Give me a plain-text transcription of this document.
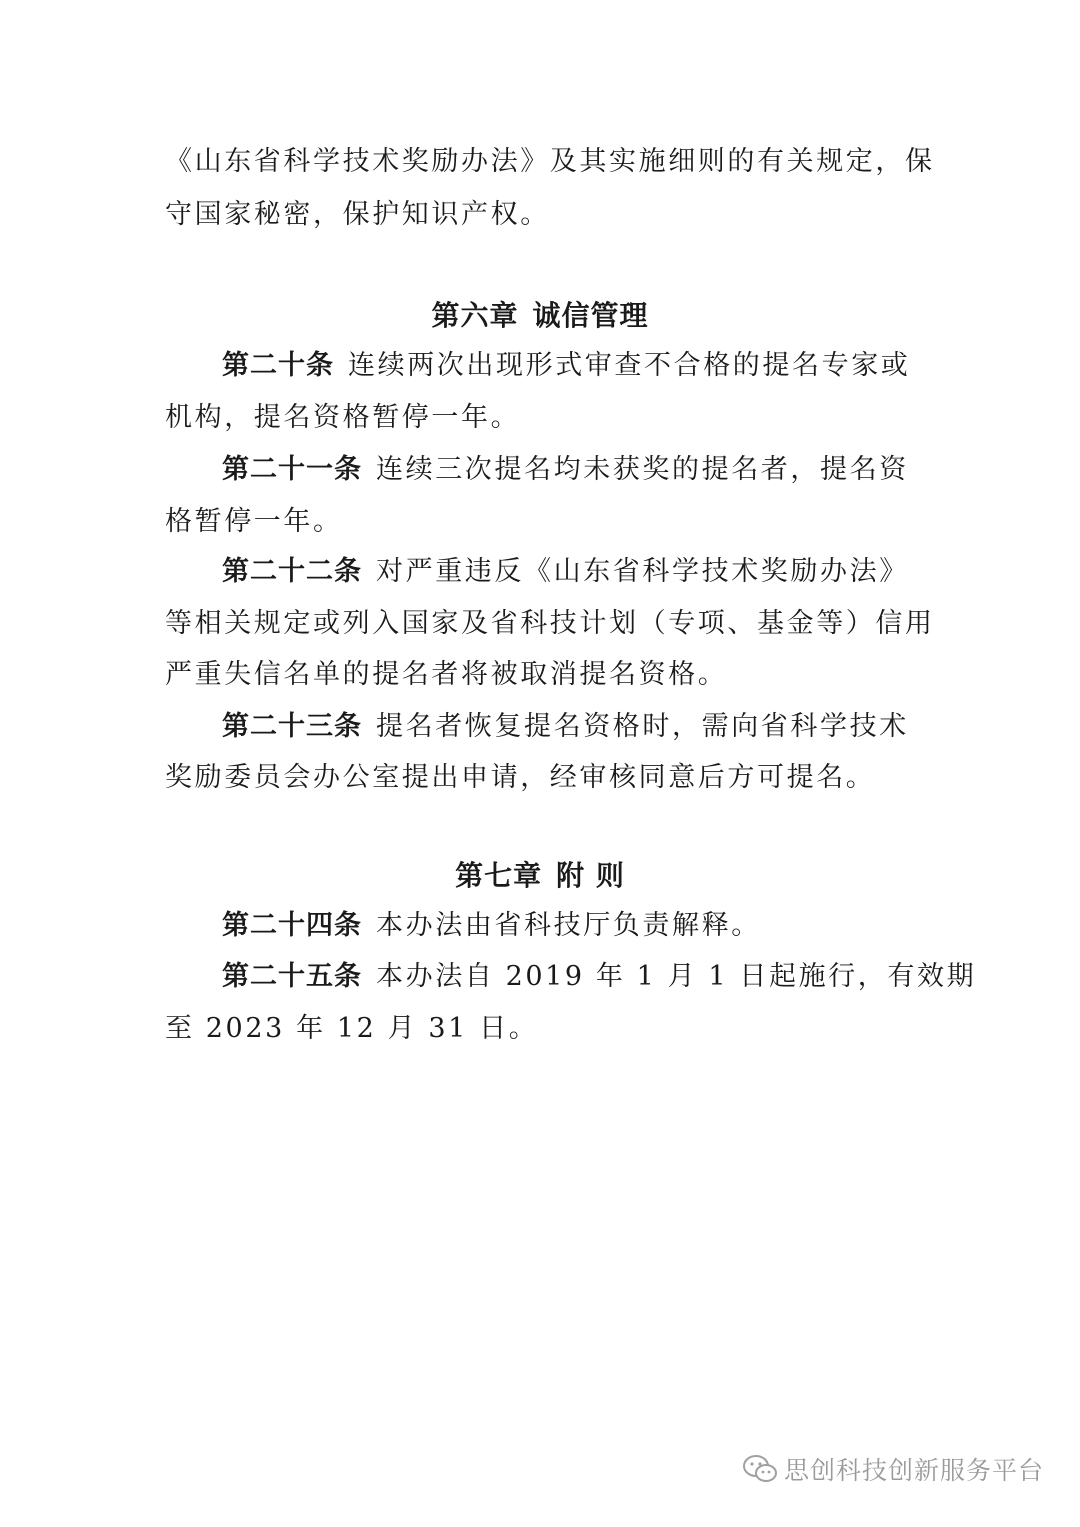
《山东省科学技术奖励办法》及其实施细则的有关规定，保
守国家秘密，保护知识产权。
第六章 诚信管理
第二十条 连续两次出现形式审查不合格的提名专家或
机构，提名资格暂停一年。
第二十一条 连续三次提名均未获奖的提名者，提名资
格暂停一年。
第二十二条 对严重违反《山东省科学技术奖励办法》
等相关规定或列入国家及省科技计划（专项、基金等）信用
严重失信名单的提名者将被取消提名资格。
第二十三条 提名者恢复提名资格时，需向省科学技术
奖励委员会办公室提出申请，经审核同意后方可提名。
第七章 附 则
第二十四条 本办法由省科技厅负责解释。
第二十五条 本办法自 2019 年 1 月 1 日起施行，有效期
至 2023 年 12 月 31 日。
思创科技创新服务平台
